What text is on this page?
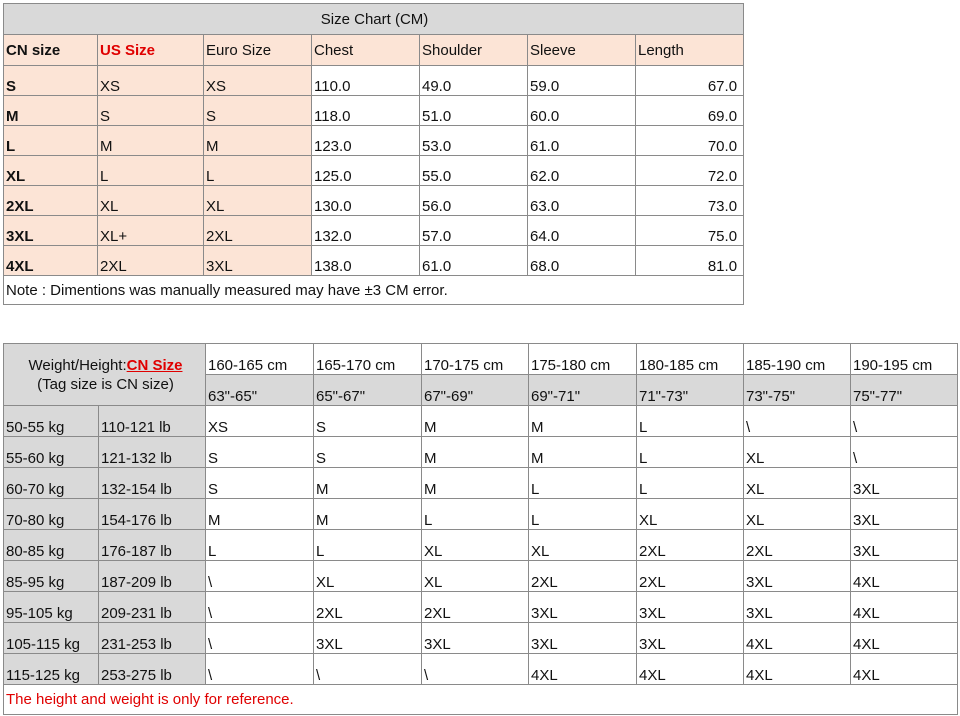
Size Chart (CM)						
CN size	US Size	Euro Size	Chest	Shoulder	Sleeve	Length
S	XS	XS	110.0	49.0	59.0	67.0
M	S	S	118.0	51.0	60.0	69.0
L	M	M	123.0	53.0	61.0	70.0
XL	L	L	125.0	55.0	62.0	72.0
2XL	XL	XL	130.0	56.0	63.0	73.0
3XL	XL+	2XL	132.0	57.0	64.0	75.0
4XL	2XL	3XL	138.0	61.0	68.0	81.0
Note : Dimentions was manually measured may have ±3 CM error.						
Weight/Height:CN Size
(Tag size is CN size)		160-165 cm	165-170 cm	170-175 cm	175-180 cm	180-185 cm	185-190 cm	190-195 cm
		63"-65"	65"-67"	67"-69"	69"-71"	71"-73"	73"-75"	75"-77"
50-55 kg	110-121 lb	XS	S	M	M	L	\	\
55-60 kg	121-132 lb	S	S	M	M	L	XL	\
60-70 kg	132-154 lb	S	M	M	L	L	XL	3XL
70-80 kg	154-176 lb	M	M	L	L	XL	XL	3XL
80-85 kg	176-187 lb	L	L	XL	XL	2XL	2XL	3XL
85-95 kg	187-209 lb	\	XL	XL	2XL	2XL	3XL	4XL
95-105 kg	209-231 lb	\	2XL	2XL	3XL	3XL	3XL	4XL
105-115 kg	231-253 lb	\	3XL	3XL	3XL	3XL	4XL	4XL
115-125 kg	253-275 lb	\	\	\	4XL	4XL	4XL	4XL
The height and weight is only for reference.								
